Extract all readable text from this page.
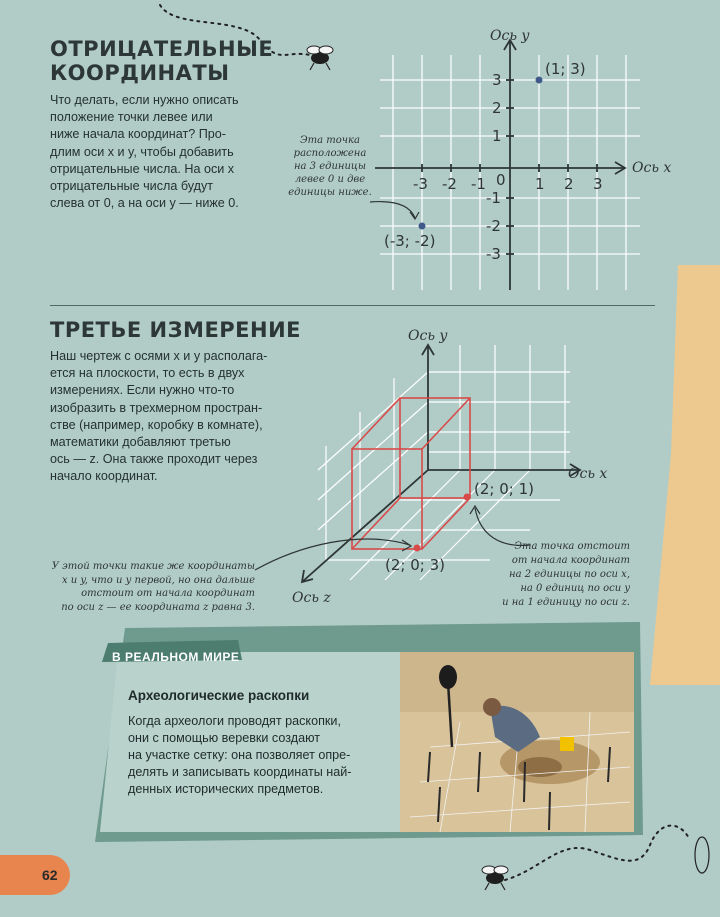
ОТРИЦАТЕЛЬНЫЕ
КООРДИНАТЫ
Что делать, если нужно описать
положение точки левее или
ниже начала координат? Про-
длим оси x и y, чтобы добавить
отрицательные числа. На оси x
отрицательные числа будут
слева от 0, а на оси y — ниже 0.
Ось y
Ось x
(1; 3)
(-3; -2)
-3 -2 -1 0 1 2 3
3
2
1
-1
-2
-3
Эта точка
расположена
на 3 единицы
левее 0 и две
единицы ниже.
ТРЕТЬЕ ИЗМЕРЕНИЕ
Наш чертеж с осями x и y располага-
ется на плоскости, то есть в двух
измерениях. Если нужно что-то
изобразить в трехмерном простран-
стве (например, коробку в комнате),
математики добавляют третью
ось — z. Она также проходит через
начало координат.
Ось y
Ось x
Ось z
(2; 0; 1)
(2; 0; 3)
У этой точки такие же координаты
x и y, что и у первой, но она дальше
отстоит от начала координат
по оси z — ее координата z равна 3.
Эта точка отстоит
от начала координат
на 2 единицы по оси x,
на 0 единиц по оси y
и на 1 единицу по оси z.
В РЕАЛЬНОМ МИРЕ
Археологические раскопки
Когда археологи проводят раскопки,
они с помощью веревки создают
на участке сетку: она позволяет опре-
делять и записывать координаты най-
денных исторических предметов.
62
